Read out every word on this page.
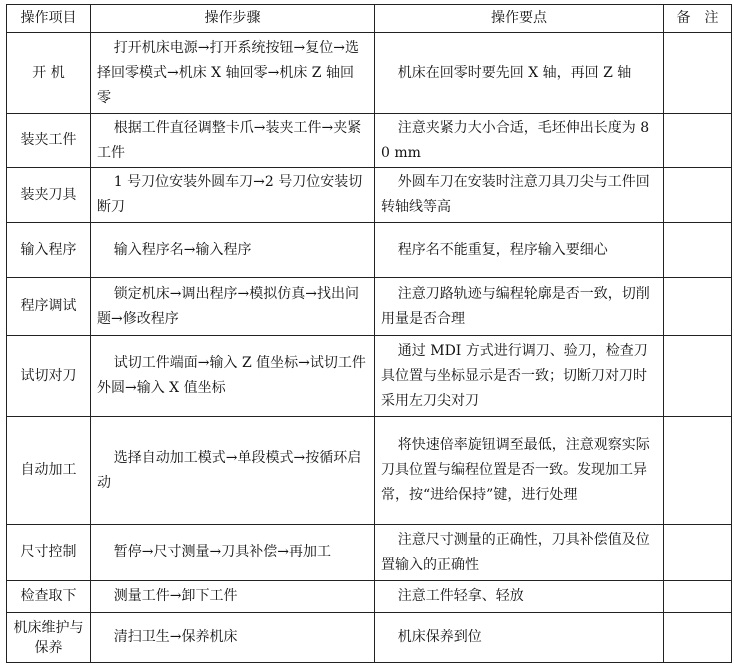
操作项目	操作步骤	操作要点	备　注

开 机	打开机床电源→打开系统按钮→复位→选择回零模式→机床 X 轴回零→机床 Z 轴回零	机床在回零时要先回 X 轴，再回 Z 轴	

装夹工件	根据工件直径调整卡爪→装夹工件→夹紧工件	注意夹紧力大小合适，毛坯伸出长度为 80 mm	

装夹刀具	1 号刀位安装外圆车刀→2 号刀位安装切断刀	外圆车刀在安装时注意刀具刀尖与工件回转轴线等高	

输入程序	输入程序名→输入程序	程序名不能重复，程序输入要细心	

程序调试	锁定机床→调出程序→模拟仿真→找出问题→修改程序	注意刀路轨迹与编程轮廓是否一致，切削用量是否合理	

试切对刀	试切工件端面→输入 Z 值坐标→试切工件外圆→输入 X 值坐标	通过 MDI 方式进行调刀、验刀，检查刀具位置与坐标显示是否一致；切断刀对刀时采用左刀尖对刀	

自动加工	选择自动加工模式→单段模式→按循环启动	将快速倍率旋钮调至最低，注意观察实际刀具位置与编程位置是否一致。发现加工异常，按“进给保持”键，进行处理	

尺寸控制	暂停→尺寸测量→刀具补偿→再加工	注意尺寸测量的正确性，刀具补偿值及位置输入的正确性	

检查取下	测量工件→卸下工件	注意工件轻拿、轻放	

机床维护与保养	清扫卫生→保养机床	机床保养到位	
